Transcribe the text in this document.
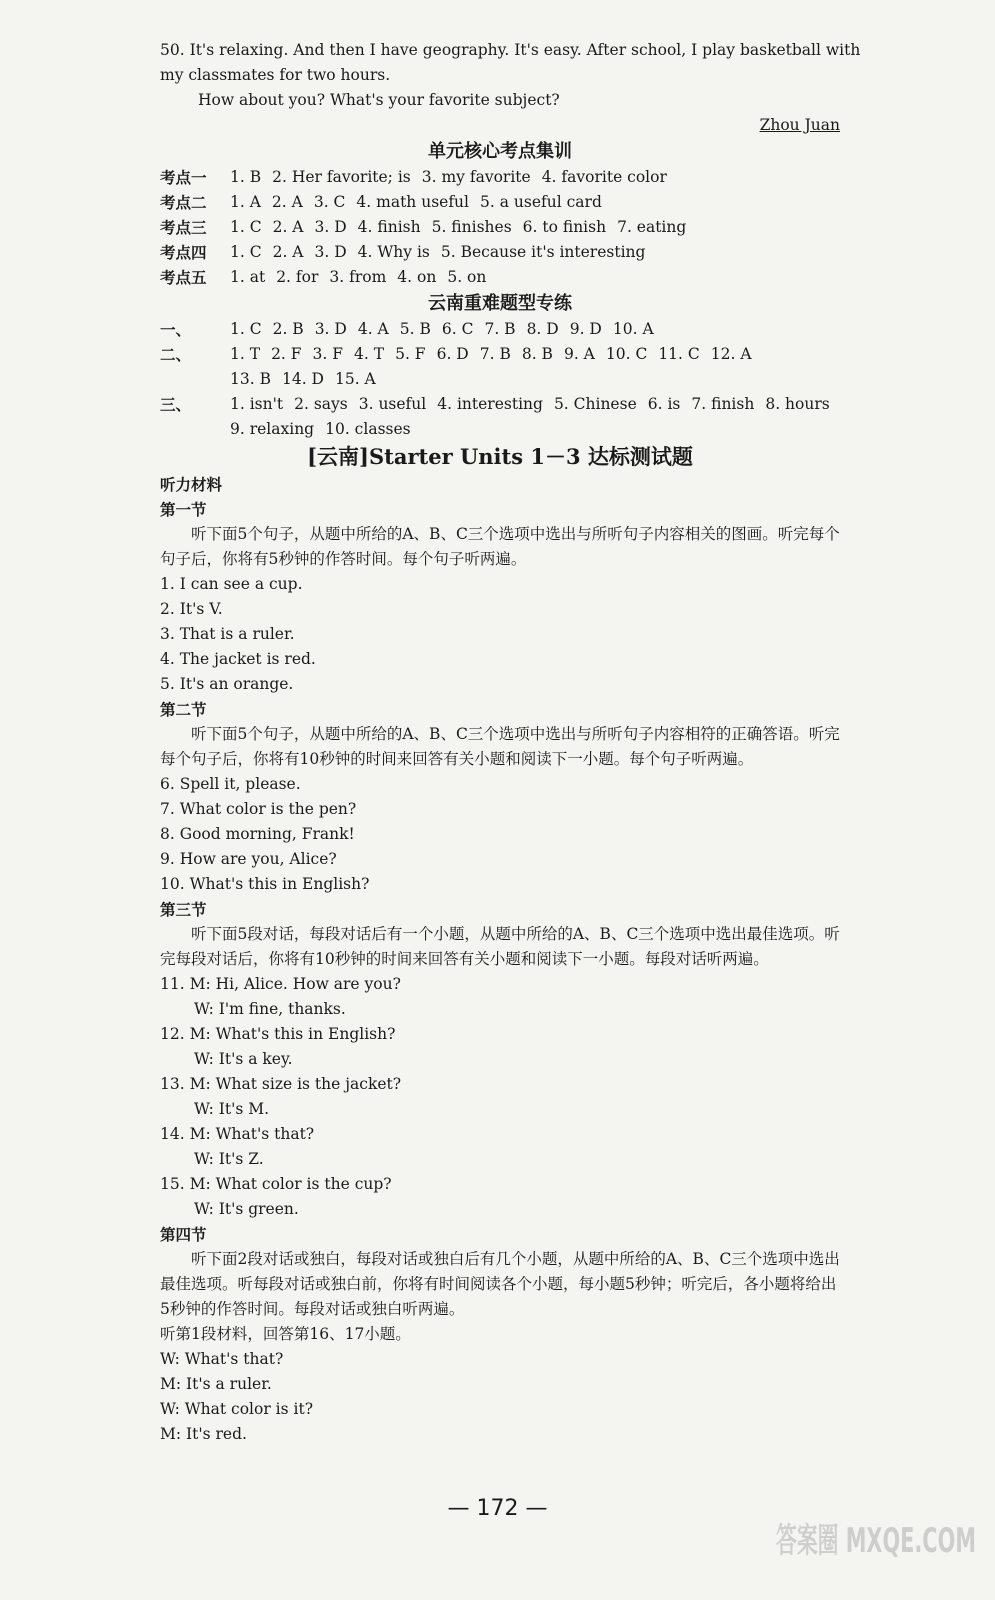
50. It's relaxing. And then I have geography. It's easy. After school, I play basketball with
my classmates for two hours.
How about you? What's your favorite subject?
Zhou Juan
单元核心考点集训
考点一	1. B 2. Her favorite; is 3. my favorite 4. favorite color
考点二	1. A 2. A 3. C 4. math useful 5. a useful card
考点三	1. C 2. A 3. D 4. finish 5. finishes 6. to finish 7. eating
考点四	1. C 2. A 3. D 4. Why is 5. Because it's interesting
考点五	1. at 2. for 3. from 4. on 5. on
云南重难题型专练
一、	1. C 2. B 3. D 4. A 5. B 6. C 7. B 8. D 9. D 10. A
二、	1. T 2. F 3. F 4. T 5. F 6. D 7. B 8. B 9. A 10. C 11. C 12. A
13. B 14. D 15. A
三、	1. isn't 2. says 3. useful 4. interesting 5. Chinese 6. is 7. finish 8. hours
9. relaxing 10. classes
[云南]Starter Units 1－3 达标测试题
听力材料
第一节
听下面5个句子，从题中所给的A、B、C三个选项中选出与所听句子内容相关的图画。听完每个句子后，你将有5秒钟的作答时间。每个句子听两遍。
1. I can see a cup.
2. It's V.
3. That is a ruler.
4. The jacket is red.
5. It's an orange.
第二节
听下面5个句子，从题中所给的A、B、C三个选项中选出与所听句子内容相符的正确答语。听完每个句子后，你将有10秒钟的时间来回答有关小题和阅读下一小题。每个句子听两遍。
6. Spell it, please.
7. What color is the pen?
8. Good morning, Frank!
9. How are you, Alice?
10. What's this in English?
第三节
听下面5段对话，每段对话后有一个小题，从题中所给的A、B、C三个选项中选出最佳选项。听完每段对话后，你将有10秒钟的时间来回答有关小题和阅读下一小题。每段对话听两遍。
11. M: Hi, Alice. How are you?
W: I'm fine, thanks.
12. M: What's this in English?
W: It's a key.
13. M: What size is the jacket?
W: It's M.
14. M: What's that?
W: It's Z.
15. M: What color is the cup?
W: It's green.
第四节
听下面2段对话或独白，每段对话或独白后有几个小题，从题中所给的A、B、C三个选项中选出最佳选项。听每段对话或独白前，你将有时间阅读各个小题，每小题5秒钟；听完后，各小题将给出5秒钟的作答时间。每段对话或独白听两遍。
听第1段材料，回答第16、17小题。
W: What's that?
M: It's a ruler.
W: What color is it?
M: It's red.
— 172 —
答案圈 MXQE.COM
